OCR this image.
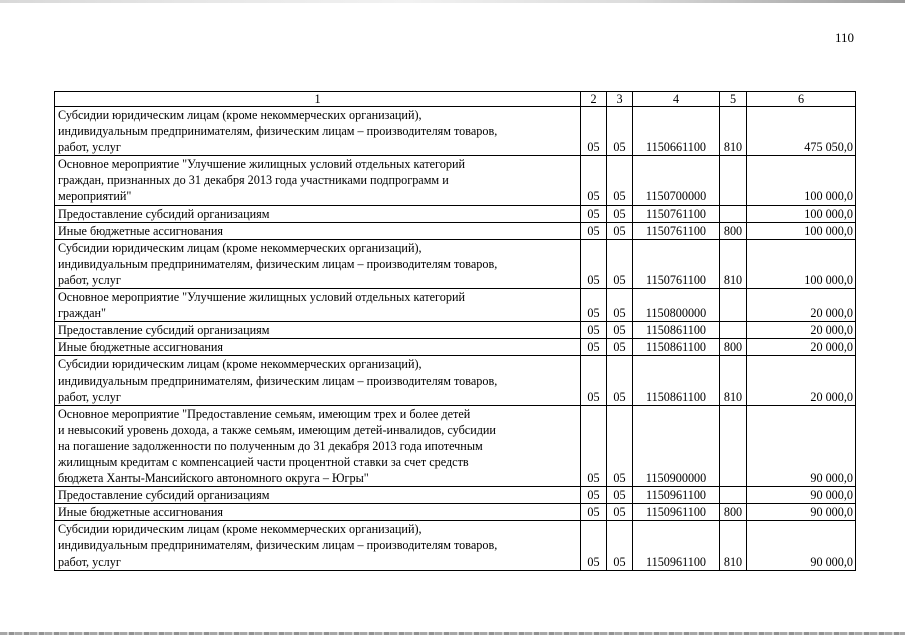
110
1	2	3	4	5	6

Субсидии юридическим лицам (кроме некоммерческих организаций),
индивидуальным предпринимателям, физическим лицам – производителям товаров,
работ, услуг	05	05	1150661100	810	475 050,0

Основное мероприятие "Улучшение жилищных условий отдельных категорий
граждан, признанных до 31 декабря 2013 года участниками подпрограмм и
мероприятий"	05	05	1150700000		100 000,0

Предоставление субсидий организациям	05	05	1150761100		100 000,0

Иные бюджетные ассигнования	05	05	1150761100	800	100 000,0

Субсидии юридическим лицам (кроме некоммерческих организаций),
индивидуальным предпринимателям, физическим лицам – производителям товаров,
работ, услуг	05	05	1150761100	810	100 000,0

Основное мероприятие "Улучшение жилищных условий отдельных категорий
граждан"	05	05	1150800000		20 000,0

Предоставление субсидий организациям	05	05	1150861100		20 000,0

Иные бюджетные ассигнования	05	05	1150861100	800	20 000,0

Субсидии юридическим лицам (кроме некоммерческих организаций),
индивидуальным предпринимателям, физическим лицам – производителям товаров,
работ, услуг	05	05	1150861100	810	20 000,0

Основное мероприятие "Предоставление семьям, имеющим трех и более детей
и невысокий уровень дохода, а также семьям, имеющим детей-инвалидов, субсидии
на погашение задолженности по полученным до 31 декабря 2013 года ипотечным
жилищным кредитам с компенсацией части процентной ставки за счет средств
бюджета Ханты-Мансийского автономного округа – Югры"	05	05	1150900000		90 000,0

Предоставление субсидий организациям	05	05	1150961100		90 000,0

Иные бюджетные ассигнования	05	05	1150961100	800	90 000,0

Субсидии юридическим лицам (кроме некоммерческих организаций),
индивидуальным предпринимателям, физическим лицам – производителям товаров,
работ, услуг	05	05	1150961100	810	90 000,0
